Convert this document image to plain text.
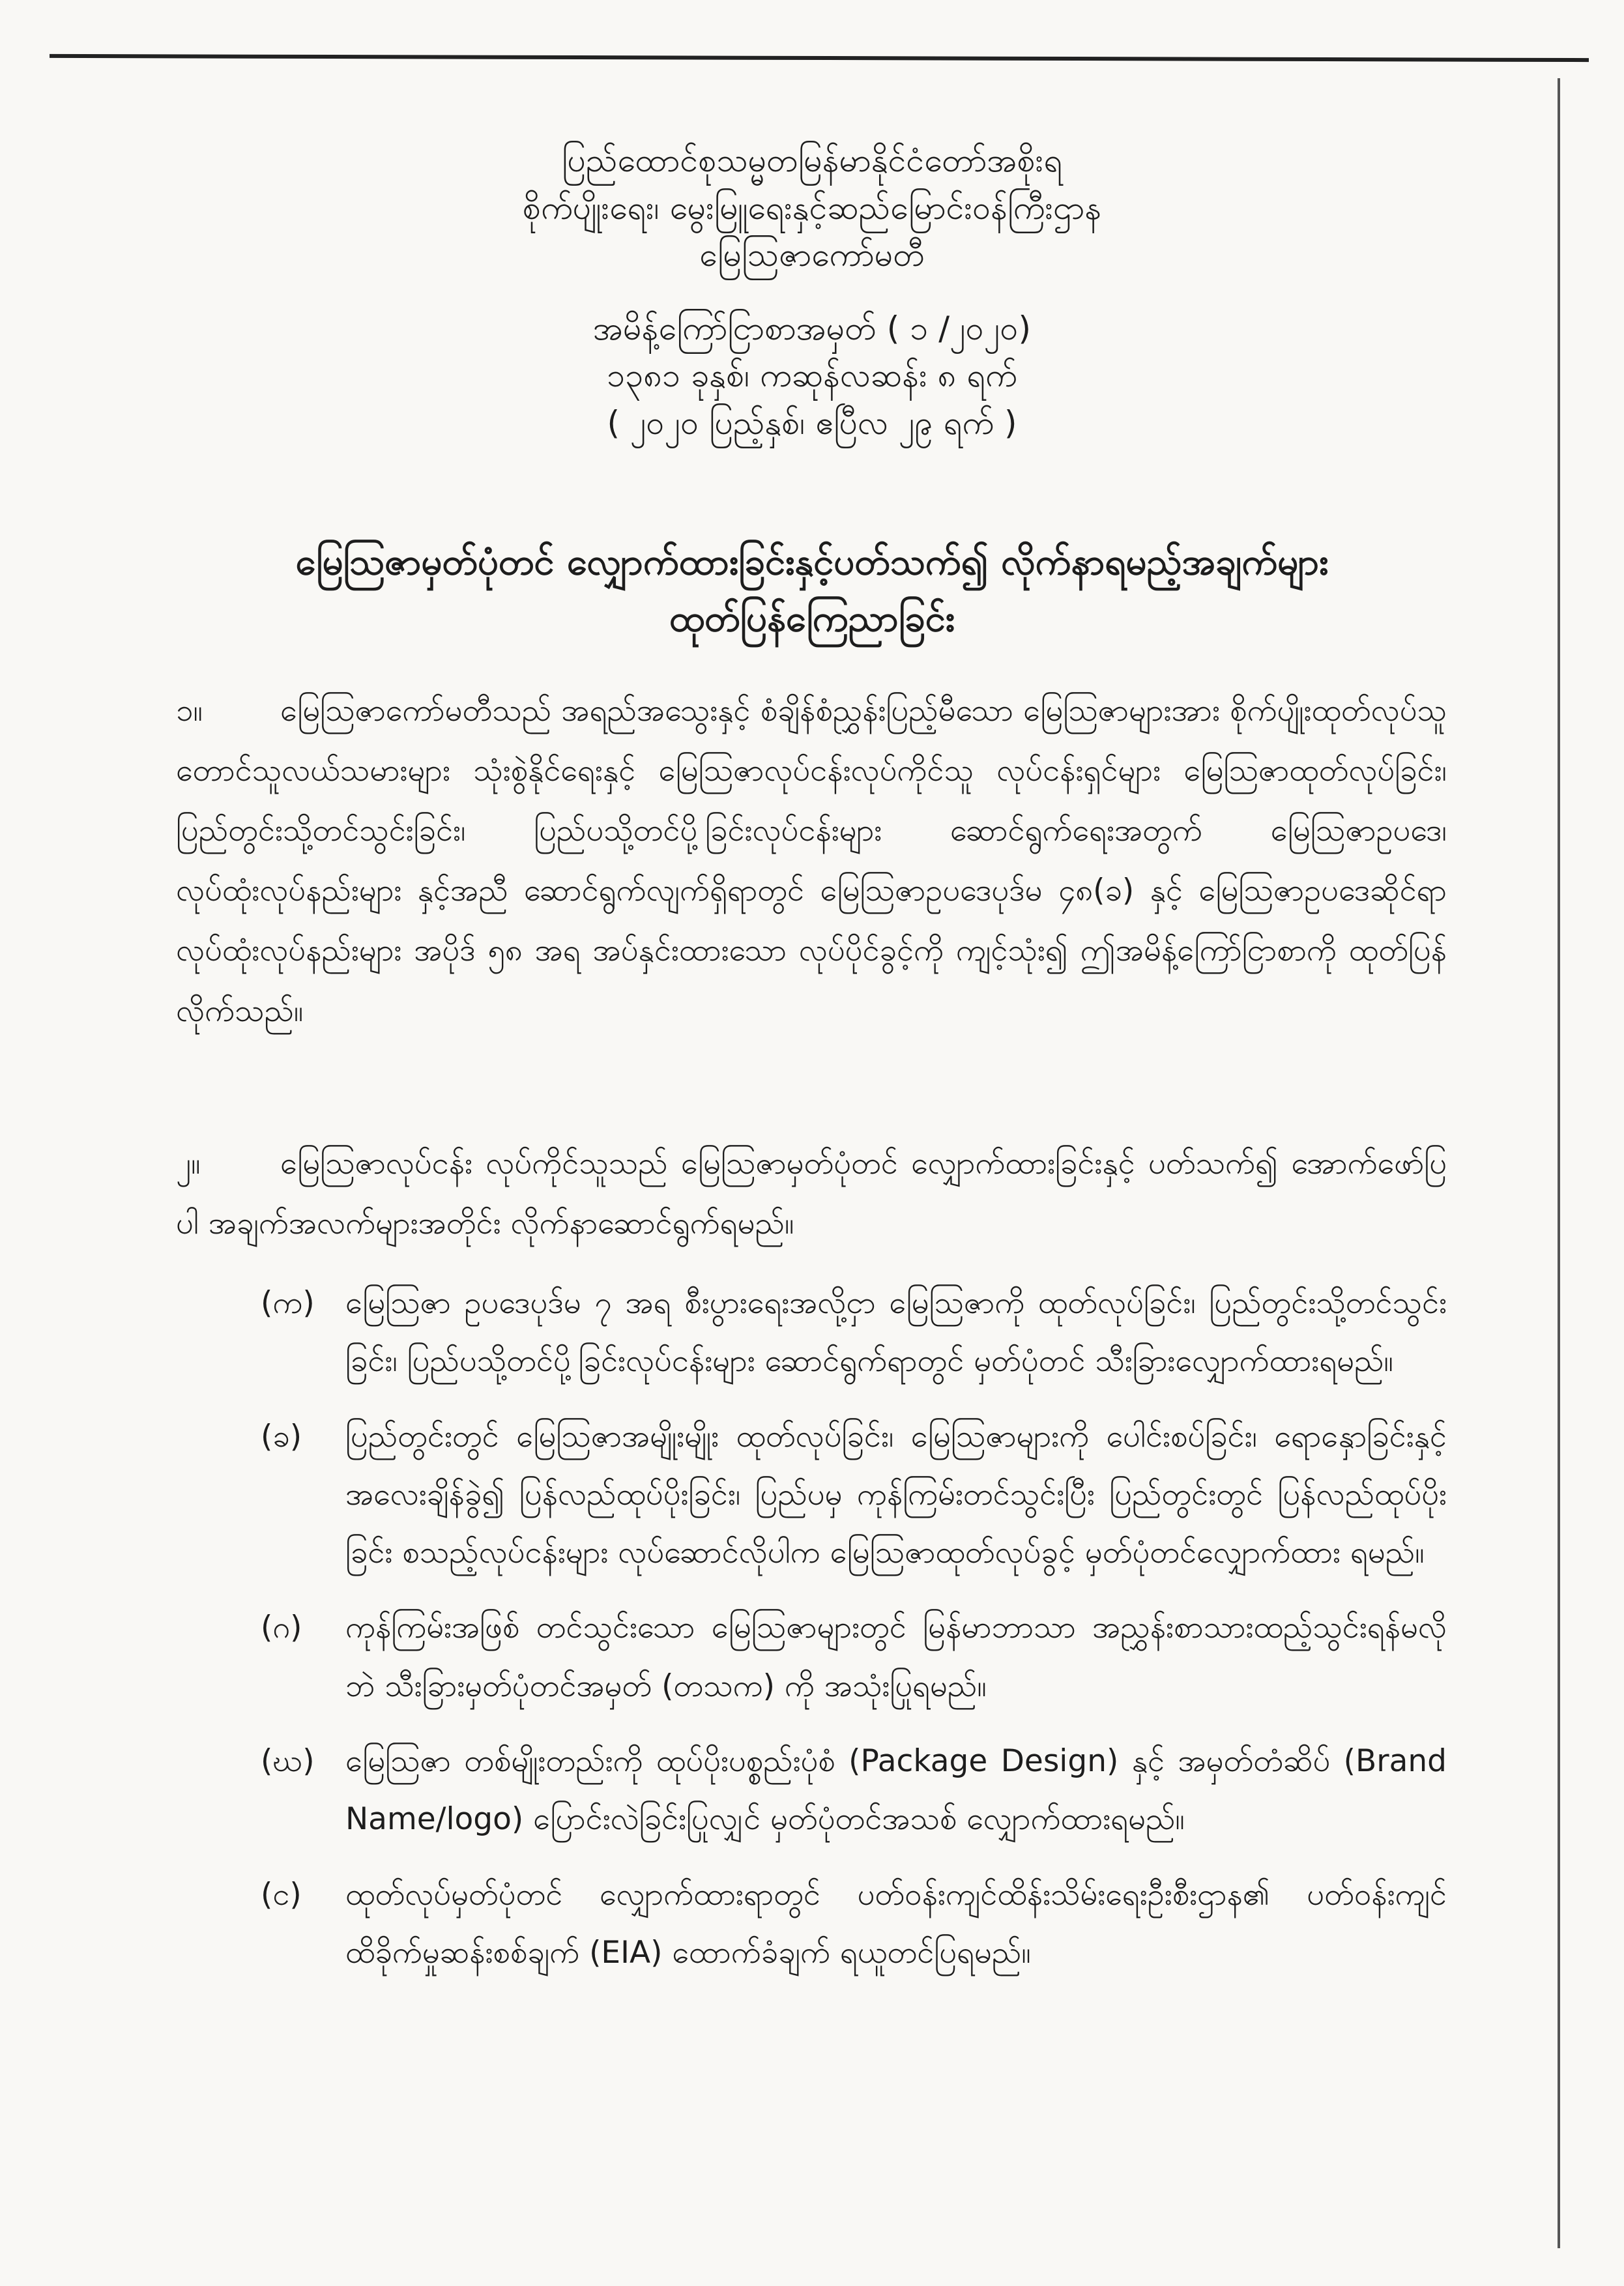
ပြည်ထောင်စုသမ္မတမြန်မာနိုင်ငံတော်အစိုးရ
စိုက်ပျိုးရေး၊ မွေးမြူရေးနှင့်ဆည်မြောင်းဝန်ကြီးဌာန
မြေသြဇာကော်မတီ
အမိန့်ကြော်ငြာစာအမှတ် ( ၁ /၂၀၂၀)
၁၃၈၁ ခုနှစ်၊ ကဆုန်လဆန်း ၈ ရက်
( ၂၀၂၀ ပြည့်နှစ်၊ ဧပြီလ ၂၉ ရက် )
မြေသြဇာမှတ်ပုံတင် လျှောက်ထားခြင်းနှင့်ပတ်သက်၍ လိုက်နာရမည့်အချက်များ
ထုတ်ပြန်ကြေညာခြင်း
၁။	မြေသြဇာကော်မတီသည် အရည်အသွေးနှင့် စံချိန်စံညွှန်းပြည့်မီသော မြေသြဇာများအား စိုက်ပျိုးထုတ်လုပ်သူ တောင်သူလယ်သမားများ သုံးစွဲနိုင်ရေးနှင့် မြေသြဇာလုပ်ငန်းလုပ်ကိုင်သူ လုပ်ငန်းရှင်များ မြေသြဇာထုတ်လုပ်ခြင်း၊ ပြည်တွင်းသို့တင်သွင်းခြင်း၊ ပြည်ပသို့တင်ပို့ခြင်းလုပ်ငန်းများ ဆောင်ရွက်ရေးအတွက် မြေသြဇာဥပဒေ၊ လုပ်ထုံးလုပ်နည်းများ နှင့်အညီ ဆောင်ရွက်လျက်ရှိရာတွင် မြေသြဇာဥပဒေပုဒ်မ ၄၈(ခ) နှင့် မြေသြဇာဥပဒေဆိုင်ရာ လုပ်ထုံးလုပ်နည်းများ အပိုဒ် ၅၈ အရ အပ်နှင်းထားသော လုပ်ပိုင်ခွင့်ကို ကျင့်သုံး၍ ဤအမိန့်ကြော်ငြာစာကို ထုတ်ပြန်လိုက်သည်။
၂။	မြေသြဇာလုပ်ငန်း လုပ်ကိုင်သူသည် မြေသြဇာမှတ်ပုံတင် လျှောက်ထားခြင်းနှင့် ပတ်သက်၍ အောက်ဖော်ပြပါ အချက်အလက်များအတိုင်း လိုက်နာဆောင်ရွက်ရမည်။
(က)	မြေသြဇာ ဥပဒေပုဒ်မ ၇ အရ စီးပွားရေးအလို့ငှာ မြေသြဇာကို ထုတ်လုပ်ခြင်း၊ ပြည်တွင်းသို့တင်သွင်းခြင်း၊ ပြည်ပသို့တင်ပို့ခြင်းလုပ်ငန်းများ ဆောင်ရွက်ရာတွင် မှတ်ပုံတင် သီးခြားလျှောက်ထားရမည်။
(ခ)	ပြည်တွင်းတွင် မြေသြဇာအမျိုးမျိုး ထုတ်လုပ်ခြင်း၊ မြေသြဇာများကို ပေါင်းစပ်ခြင်း၊ ရောနှောခြင်းနှင့် အလေးချိန်ခွဲ၍ ပြန်လည်ထုပ်ပိုးခြင်း၊ ပြည်ပမှ ကုန်ကြမ်းတင်သွင်းပြီး ပြည်တွင်းတွင် ပြန်လည်ထုပ်ပိုးခြင်း စသည့်လုပ်ငန်းများ လုပ်ဆောင်လိုပါက မြေသြဇာထုတ်လုပ်ခွင့် မှတ်ပုံတင်လျှောက်ထား ရမည်။
(ဂ)	ကုန်ကြမ်းအဖြစ် တင်သွင်းသော မြေသြဇာများတွင် မြန်မာဘာသာ အညွှန်းစာသားထည့်သွင်းရန်မလိုဘဲ သီးခြားမှတ်ပုံတင်အမှတ် (တသက) ကို အသုံးပြုရမည်။
(ဃ)	မြေသြဇာ တစ်မျိုးတည်းကို ထုပ်ပိုးပစ္စည်းပုံစံ (Package Design) နှင့် အမှတ်တံဆိပ် (Brand Name/logo) ပြောင်းလဲခြင်းပြုလျှင် မှတ်ပုံတင်အသစ် လျှောက်ထားရမည်။
(င)	ထုတ်လုပ်မှတ်ပုံတင် လျှောက်ထားရာတွင် ပတ်ဝန်းကျင်ထိန်းသိမ်းရေးဦးစီးဌာန၏ ပတ်ဝန်းကျင် ထိခိုက်မှုဆန်းစစ်ချက် (EIA) ထောက်ခံချက် ရယူတင်ပြရမည်။
